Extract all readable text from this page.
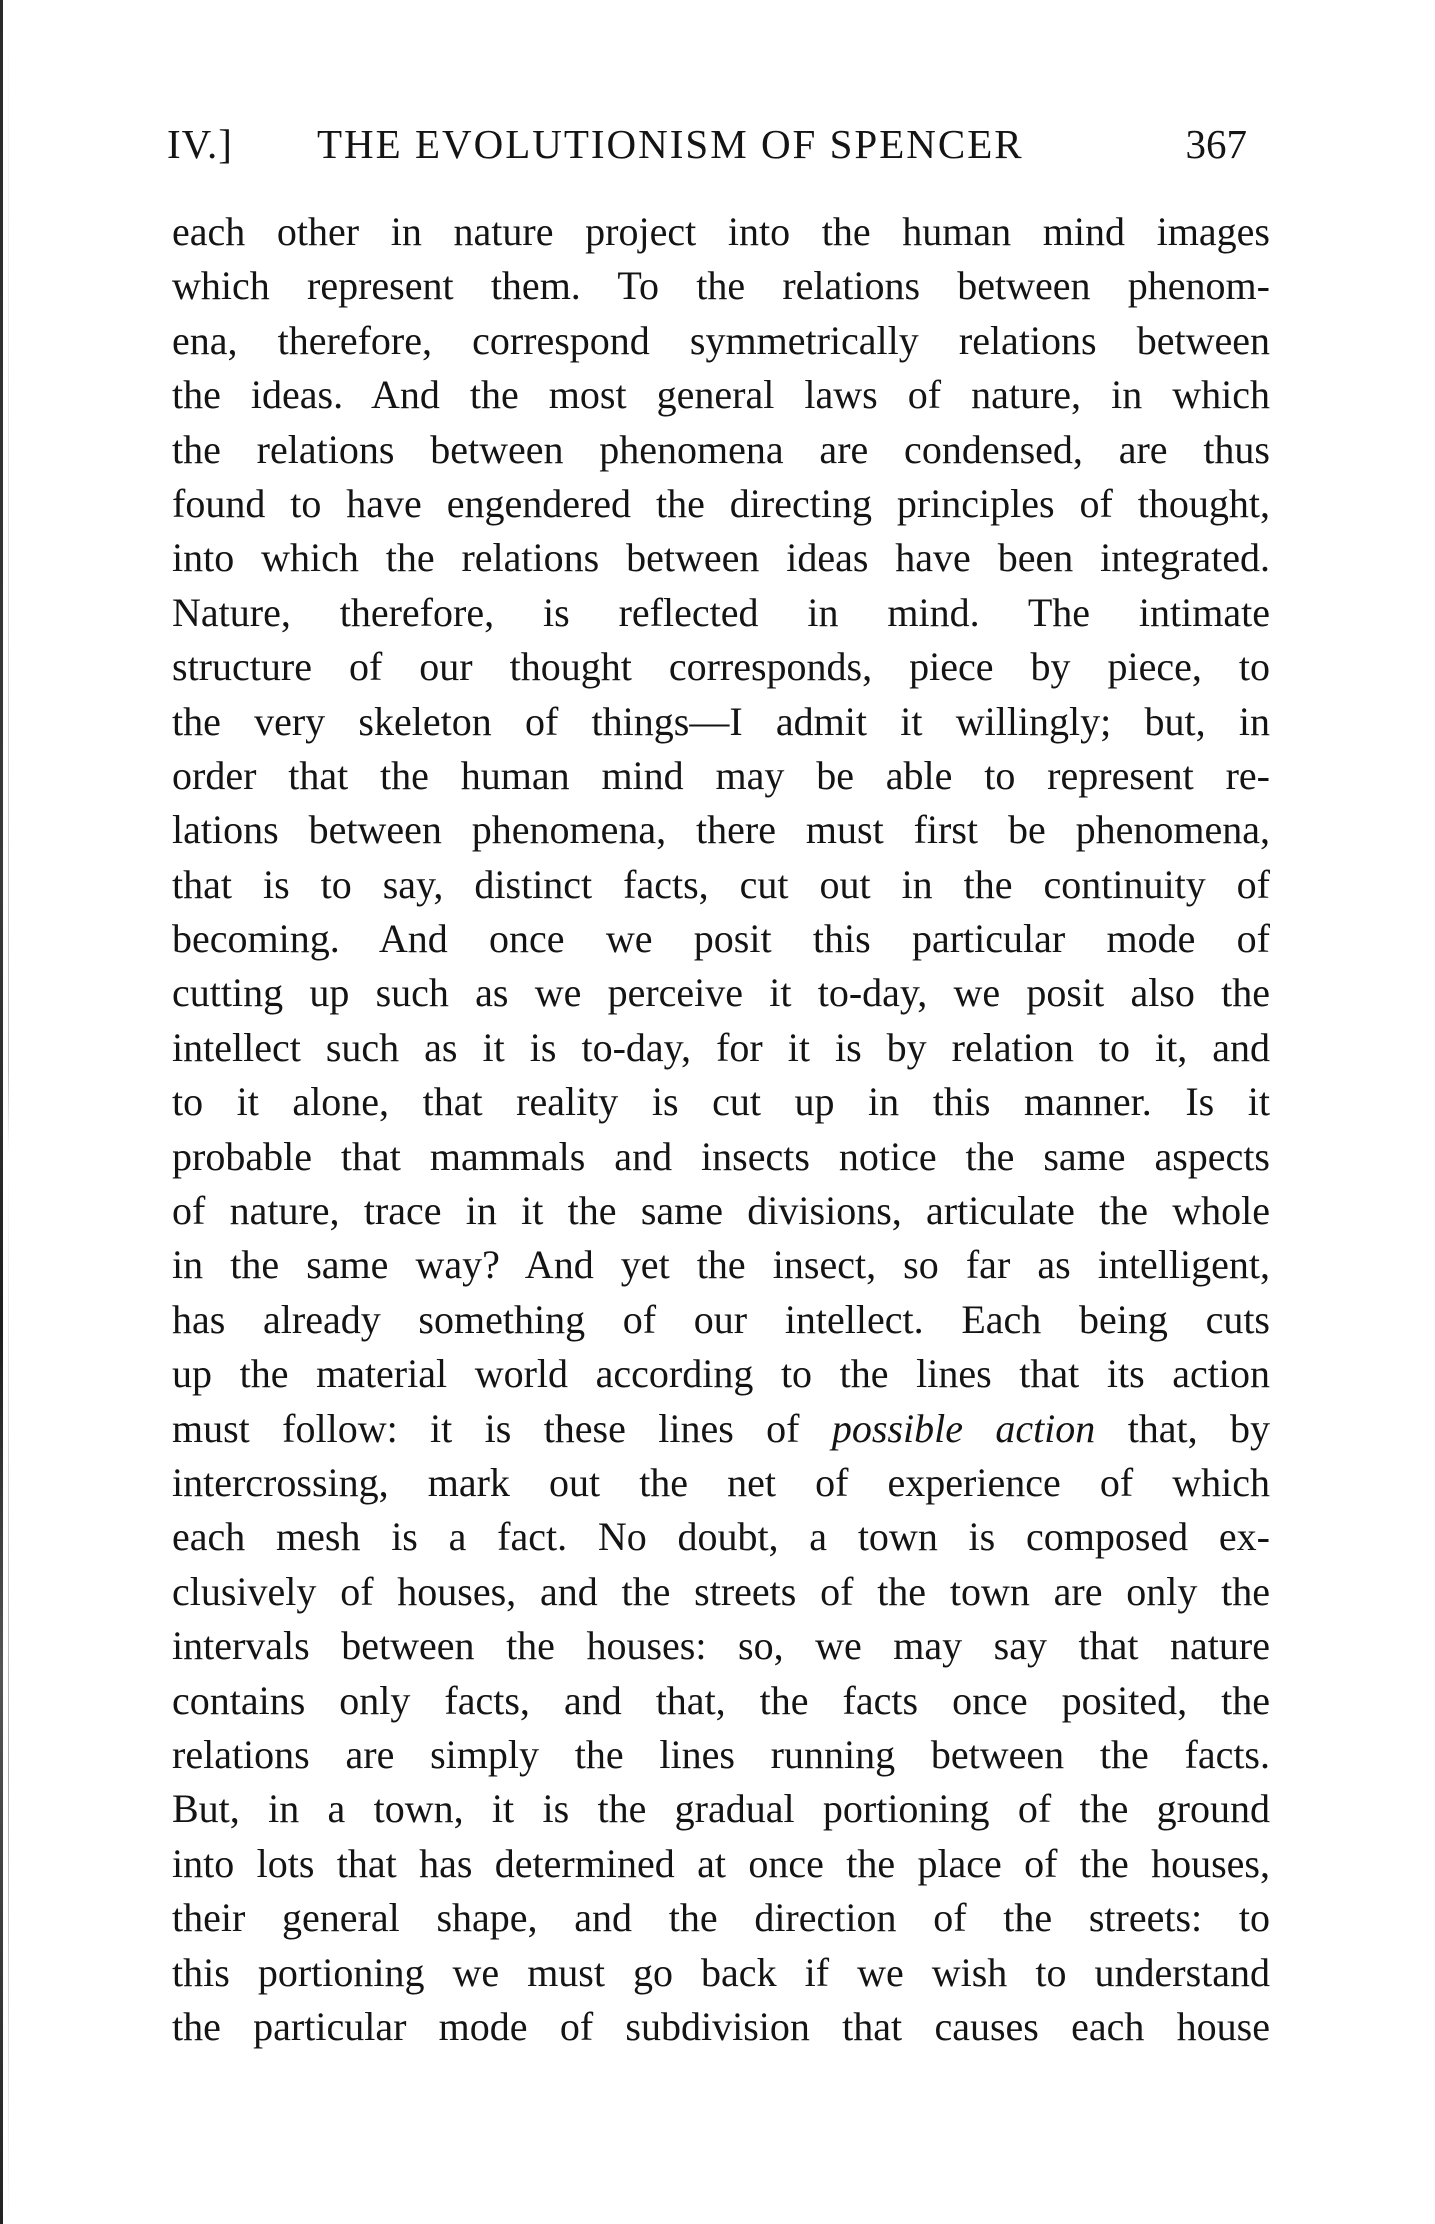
IV.] THE EVOLUTIONISM OF SPENCER	367
each other in nature project into the human mind images
which represent them. To the relations between phenom-
ena, therefore, correspond symmetrically relations between
the ideas. And the most general laws of nature, in which
the relations between phenomena are condensed, are thus
found to have engendered the directing principles of thought,
into which the relations between ideas have been integrated.
Nature, therefore, is reflected in mind. The intimate
structure of our thought corresponds, piece by piece, to
the very skeleton of things—I admit it willingly; but, in
order that the human mind may be able to represent re-
lations between phenomena, there must first be phenomena,
that is to say, distinct facts, cut out in the continuity of
becoming. And once we posit this particular mode of
cutting up such as we perceive it to-day, we posit also the
intellect such as it is to-day, for it is by relation to it, and
to it alone, that reality is cut up in this manner. Is it
probable that mammals and insects notice the same aspects
of nature, trace in it the same divisions, articulate the whole
in the same way? And yet the insect, so far as intelligent,
has already something of our intellect. Each being cuts
up the material world according to the lines that its action
must follow: it is these lines of possible action that, by
intercrossing, mark out the net of experience of which
each mesh is a fact. No doubt, a town is composed ex-
clusively of houses, and the streets of the town are only the
intervals between the houses: so, we may say that nature
contains only facts, and that, the facts once posited, the
relations are simply the lines running between the facts.
But, in a town, it is the gradual portioning of the ground
into lots that has determined at once the place of the houses,
their general shape, and the direction of the streets: to
this portioning we must go back if we wish to understand
the particular mode of subdivision that causes each house
